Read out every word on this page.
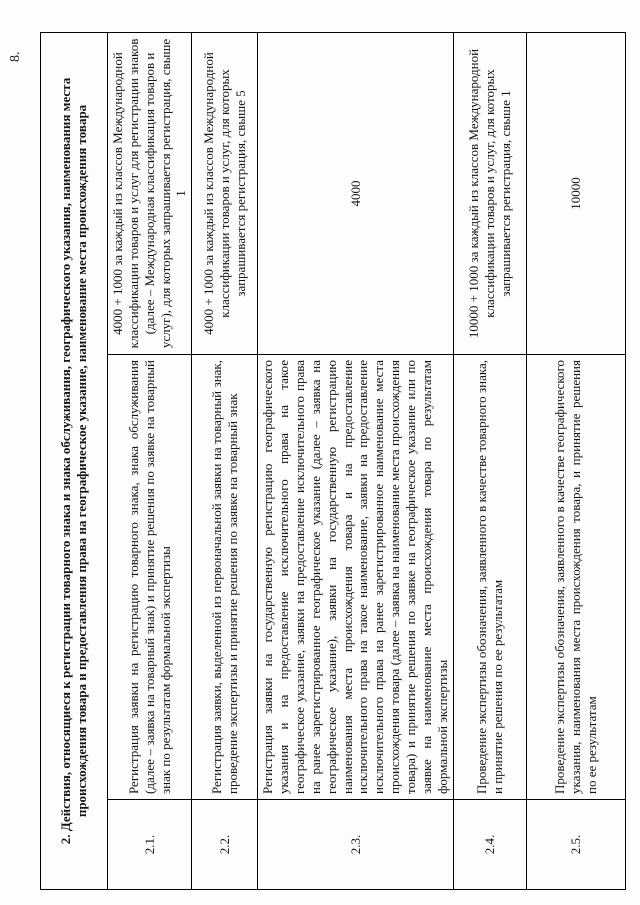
8.
2. Действия, относящиеся к регистрации товарного знака и знака обслуживания, географического указания, наименования места происхождения товара и предоставления права на географическое указание, наименование места происхождения товара		
2.1.	Регистрация заявки на регистрацию товарного знака, знака обслуживания (далее – заявка на товарный знак) и принятие решения по заявке на товарный знак по результатам формальной экспертизы	4000 + 1000 за каждый из классов Международной классификации товаров и услуг для регистрации знаков (далее – Международная классификация товаров и услуг), для которых запрашивается регистрация, свыше 1
2.2.	Регистрация заявки, выделенной из первоначальной заявки на товарный знак, проведение экспертизы и принятие решения по заявке на товарный знак	4000 + 1000 за каждый из классов Международной классификации товаров и услуг, для которых запрашивается регистрация, свыше 5
2.3.	Регистрация заявки на государственную регистрацию географического указания и на предоставление исключительного права на такое географическое указание, заявки на предоставление исключительного права на ранее зарегистрированное географическое указание (далее – заявка на географическое указание), заявки на государственную регистрацию наименования места происхождения товара и на предоставление исключительного права на такое наименование, заявки на предоставление исключительного права на ранее зарегистрированное наименование места происхождения товара (далее – заявка на наименование места происхождения товара) и принятие решения по заявке на географическое указание или по заявке на наименование места происхождения товара по результатам формальной экспертизы	4000
2.4.	Проведение экспертизы обозначения, заявленного в качестве товарного знака, и принятие решения по ее результатам	10000 + 1000 за каждый из классов Международной классификации товаров и услуг, для которых запрашивается регистрация, свыше 1
2.5.	Проведение экспертизы обозначения, заявленного в качестве географического указания, наименования места происхождения товара, и принятие решения по ее результатам	10000
